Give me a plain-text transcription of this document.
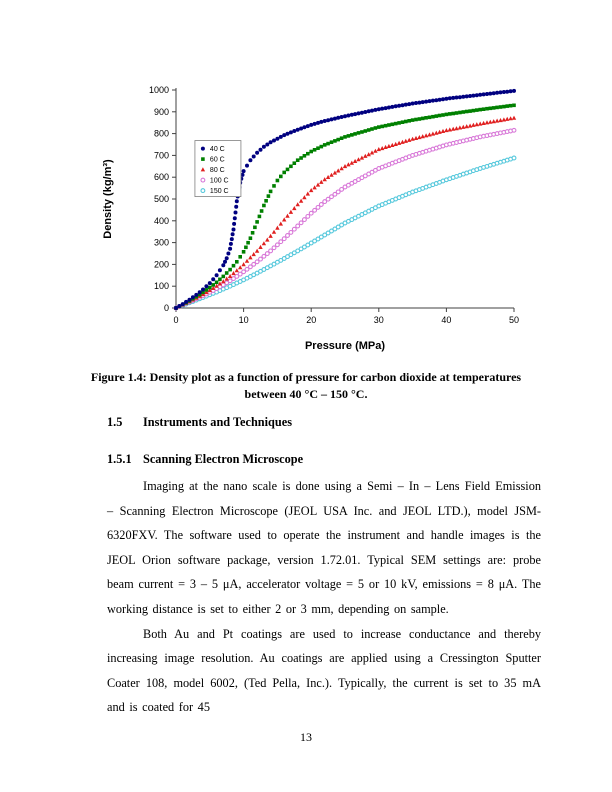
0
100
200
300
400
500
600
700
800
900
1000
0	10	20	30	40	50
Pressure (MPa)
Density (kg/m³)
40 C
60 C
80 C
100 C
150 C
Figure 1.4: Density plot as a function of pressure for carbon dioxide at temperatures
between 40 °C – 150 °C.
1.5 Instruments and Techniques
1.5.1 Scanning Electron Microscope

Imaging at the nano scale is done using a Semi – In – Lens Field Emission – Scanning Electron Microscope (JEOL USA Inc. and JEOL LTD.), model JSM-6320FXV. The software used to operate the instrument and handle images is the JEOL Orion software package, version 1.72.01. Typical SEM settings are: probe beam current = 3 – 5 μA, accelerator voltage = 5 or 10 kV, emissions = 8 μA. The working distance is set to either 2 or 3 mm, depending on sample.

Both Au and Pt coatings are used to increase conductance and thereby increasing image resolution. Au coatings are applied using a Cressington Sputter Coater 108, model 6002, (Ted Pella, Inc.). Typically, the current is set to 35 mA and is coated for 45

13
